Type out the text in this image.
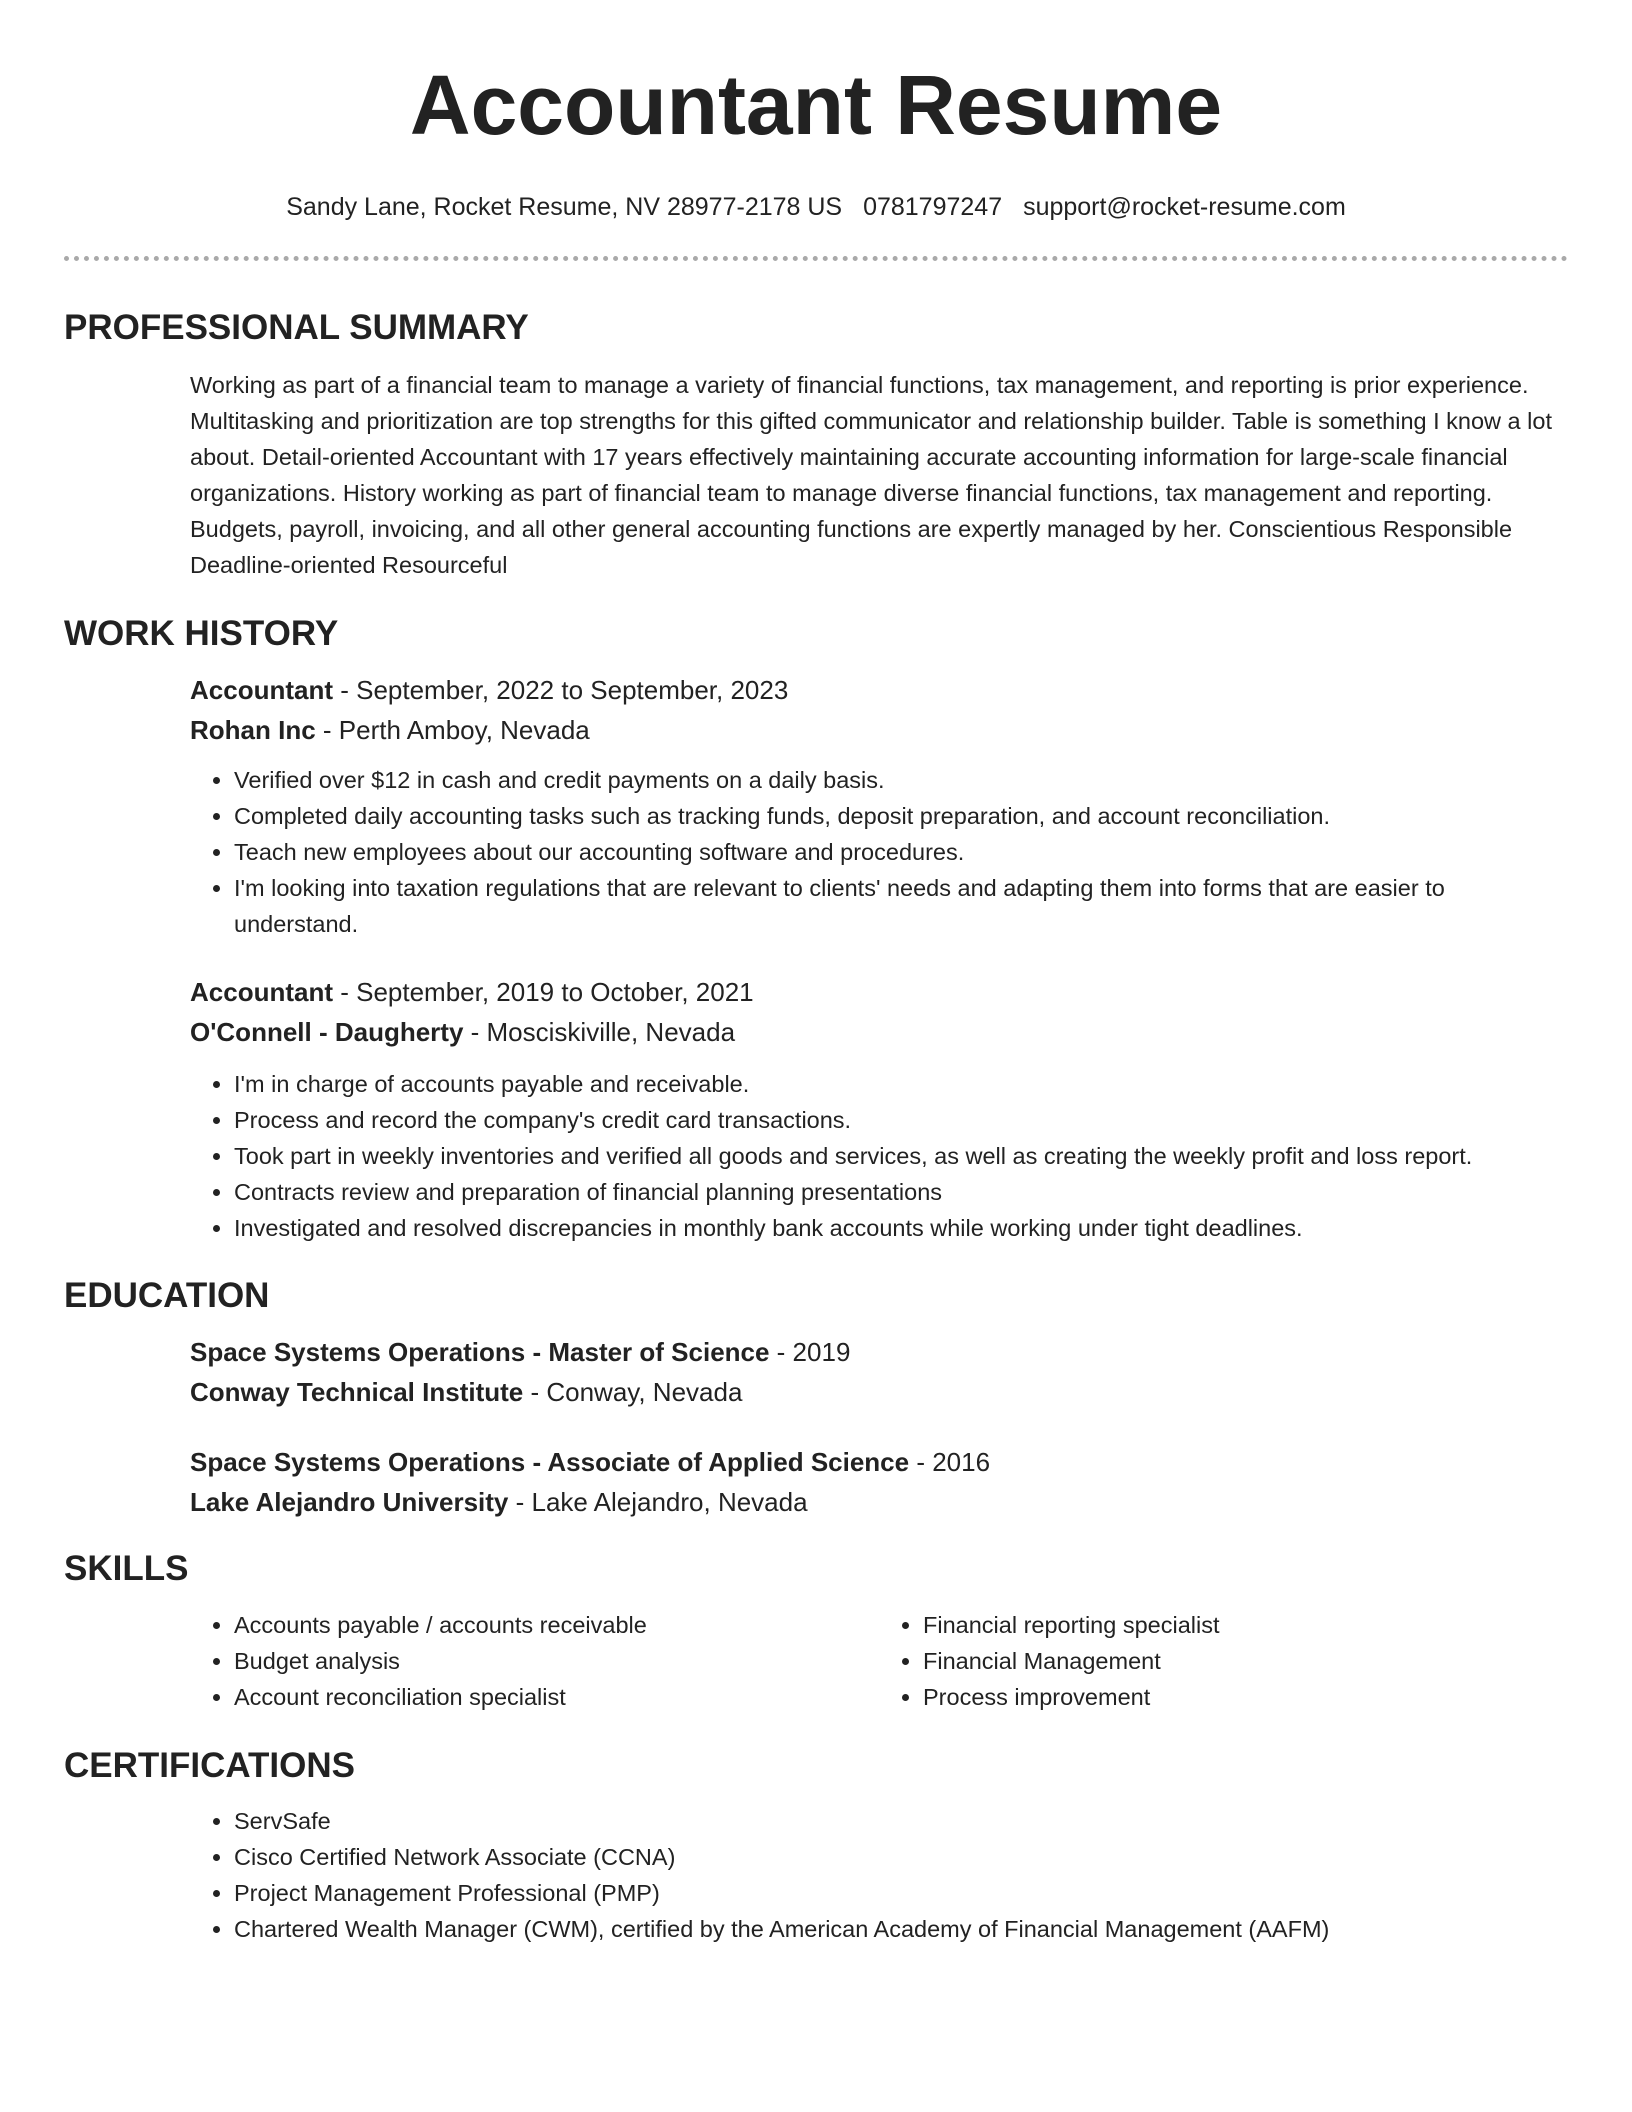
Accountant Resume
Sandy Lane, Rocket Resume, NV 28977-2178 US 0781797247 support@rocket-resume.com
PROFESSIONAL SUMMARY

Working as part of a financial team to manage a variety of financial functions, tax management, and reporting is prior experience. Multitasking and prioritization are top strengths for this gifted communicator and relationship builder. Table is something I know a lot about. Detail-oriented Accountant with 17 years effectively maintaining accurate accounting information for large-scale financial organizations. History working as part of financial team to manage diverse financial functions, tax management and reporting. Budgets, payroll, invoicing, and all other general accounting functions are expertly managed by her. Conscientious Responsible Deadline-oriented Resourceful

WORK HISTORY

Accountant - September, 2022 to September, 2023

Rohan Inc - Perth Amboy, Nevada

• Verified over $12 in cash and credit payments on a daily basis.
• Completed daily accounting tasks such as tracking funds, deposit preparation, and account reconciliation.
• Teach new employees about our accounting software and procedures.
• I'm looking into taxation regulations that are relevant to clients' needs and adapting them into forms that are easier to understand.

Accountant - September, 2019 to October, 2021

O'Connell - Daugherty - Mosciskiville, Nevada

• I'm in charge of accounts payable and receivable.
• Process and record the company's credit card transactions.
• Took part in weekly inventories and verified all goods and services, as well as creating the weekly profit and loss report.
• Contracts review and preparation of financial planning presentations
• Investigated and resolved discrepancies in monthly bank accounts while working under tight deadlines.
EDUCATION

Space Systems Operations - Master of Science - 2019

Conway Technical Institute - Conway, Nevada

Space Systems Operations - Associate of Applied Science - 2016

Lake Alejandro University - Lake Alejandro, Nevada

SKILLS
• Accounts payable / accounts receivable
• Budget analysis
• Account reconciliation specialist
• Financial reporting specialist
• Financial Management
• Process improvement
CERTIFICATIONS
• ServSafe
• Cisco Certified Network Associate (CCNA)
• Project Management Professional (PMP)
• Chartered Wealth Manager (CWM), certified by the American Academy of Financial Management (AAFM)
